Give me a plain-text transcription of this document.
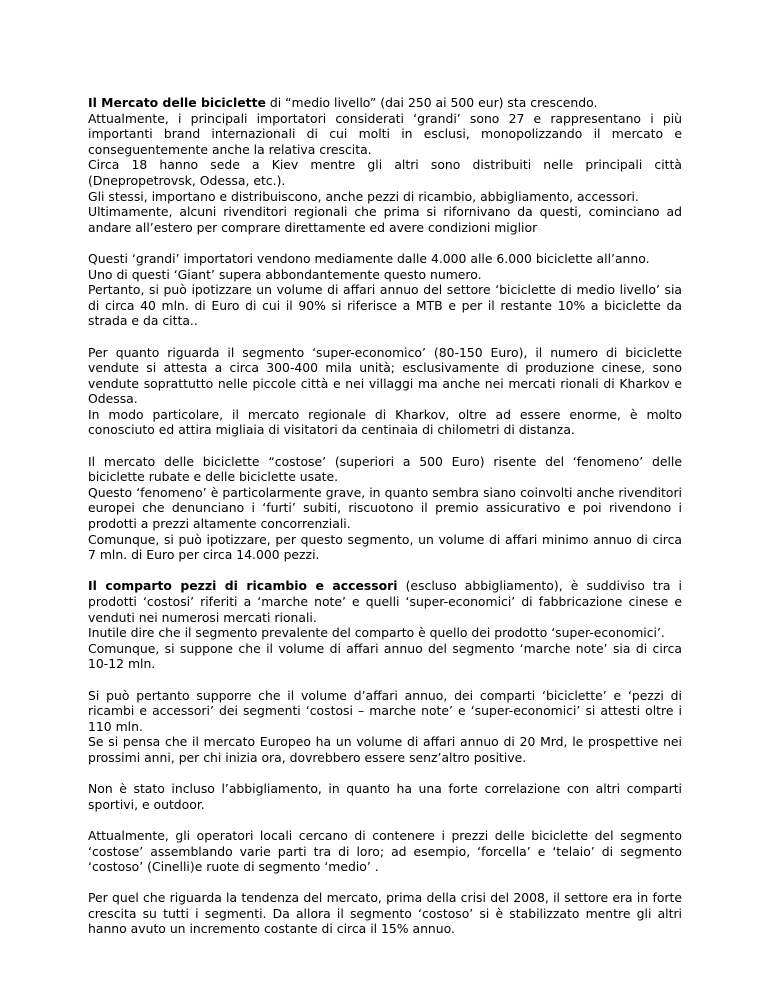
Il Mercato delle biciclette di “medio livello” (dai 250 ai 500 eur) sta crescendo.
Attualmente, i principali importatori considerati ‘grandi’ sono 27 e rappresentano i più importanti brand internazionali di cui molti in esclusi, monopolizzando il mercato e conseguentemente anche la relativa crescita.
Circa 18 hanno sede a Kiev mentre gli altri sono distribuiti nelle principali città (Dnepropetrovsk, Odessa, etc.).
Gli stessi, importano e distribuiscono, anche pezzi di ricambio, abbigliamento, accessori.
Ultimamente, alcuni rivenditori regionali che prima si rifornivano da questi, cominciano ad andare all’estero per comprare direttamente ed avere condizioni miglior
Questi ‘grandi’ importatori vendono mediamente dalle 4.000 alle 6.000 biciclette all’anno.
Uno di questi ‘Giant’ supera abbondantemente questo numero.
Pertanto, si può ipotizzare un volume di affari annuo del settore ‘biciclette di medio livello’ sia di circa 40 mln. di Euro di cui il 90% si riferisce a MTB e per il restante 10% a biciclette da strada e da citta..
Per quanto riguarda il segmento ‘super-economico’ (80-150 Euro), il numero di biciclette vendute si attesta a circa 300-400 mila unità; esclusivamente di produzione cinese, sono vendute soprattutto nelle piccole città e nei villaggi ma anche nei mercati rionali di Kharkov e Odessa.
In modo particolare, il mercato regionale di Kharkov, oltre ad essere enorme, è molto conosciuto ed attira migliaia di visitatori da centinaia di chilometri di distanza.
Il mercato delle biciclette “costose’ (superiori a 500 Euro) risente del ‘fenomeno’ delle biciclette rubate e delle biciclette usate.
Questo ‘fenomeno’ è particolarmente grave, in quanto sembra siano coinvolti anche rivenditori europei che denunciano i ‘furti’ subiti, riscuotono il premio assicurativo e poi rivendono i prodotti a prezzi altamente concorrenziali.
Comunque, si può ipotizzare, per questo segmento, un volume di affari minimo annuo di circa 7 mln. di Euro per circa 14.000 pezzi.
Il comparto pezzi di ricambio e accessori (escluso abbigliamento), è suddiviso tra i prodotti ‘costosi’ riferiti a ‘marche note’ e quelli ‘super-economici’ di fabbricazione cinese e venduti nei numerosi mercati rionali.
Inutile dire che il segmento prevalente del comparto è quello dei prodotto ‘super-economici’.
Comunque, si suppone che il volume di affari annuo del segmento ‘marche note’ sia di circa 10-12 mln.
Si può pertanto supporre che il volume d’affari annuo, dei comparti ‘biciclette’ e ‘pezzi di ricambi e accessori’ dei segmenti ‘costosi – marche note’ e ‘super-economici’ si attesti oltre i 110 mln.
Se si pensa che il mercato Europeo ha un volume di affari annuo di 20 Mrd, le prospettive nei prossimi anni, per chi inizia ora, dovrebbero essere senz’altro positive.
Non è stato incluso l’abbigliamento, in quanto ha una forte correlazione con altri comparti sportivi, e outdoor.
Attualmente, gli operatori locali cercano di contenere i prezzi delle biciclette del segmento ‘costose’ assemblando varie parti tra di loro; ad esempio, ‘forcella’ e ‘telaio’ di segmento ‘costoso’ (Cinelli)e ruote di segmento ‘medio’ .
Per quel che riguarda la tendenza del mercato, prima della crisi del 2008, il settore era in forte crescita su tutti i segmenti. Da allora il segmento ‘costoso’ si è stabilizzato mentre gli altri hanno avuto un incremento costante di circa il 15% annuo.
